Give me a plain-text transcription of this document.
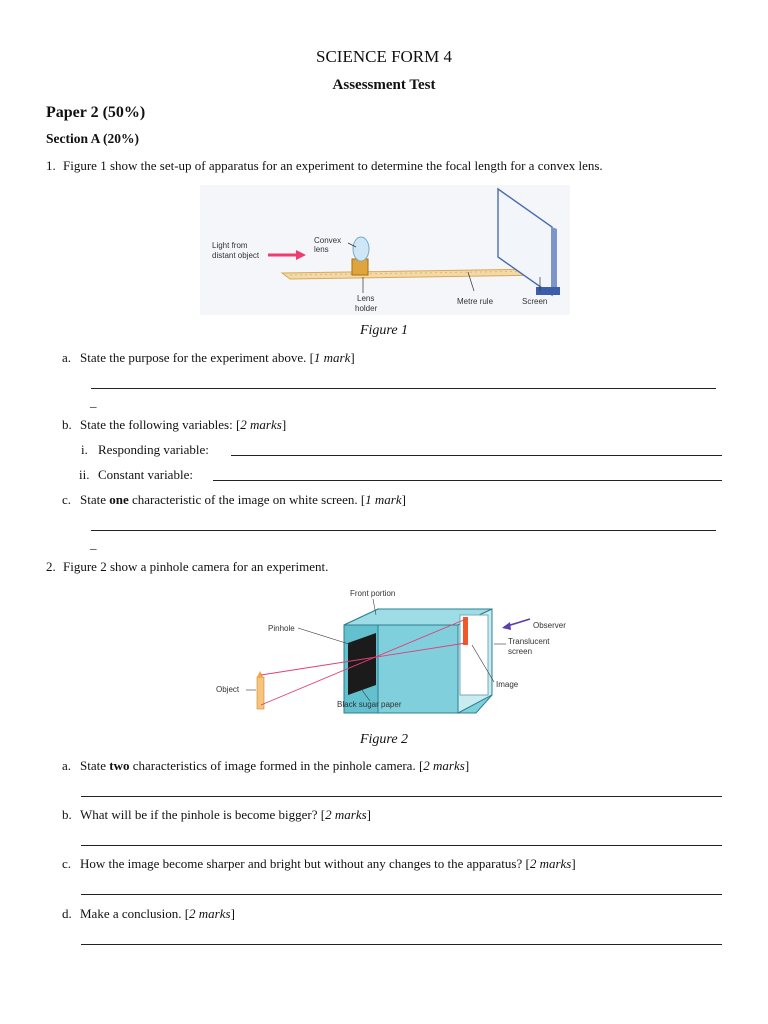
SCIENCE FORM 4
Assessment Test
Paper 2 (50%)
Section A (20%)
1. Figure 1 show the set-up of apparatus for an experiment to determine the focal length for a convex lens.
Light from
distant object
Convex
lens
Lens
holder
Metre rule	Screen
Figure 1
a. State the purpose for the experiment above. [1 mark]
_
b. State the following variables: [2 marks]
i. Responding variable:
ii. Constant variable:
c. State one characteristic of the image on white screen. [1 mark]
_
2. Figure 2 show a pinhole camera for an experiment.
Front portion
Pinhole	Observer
Translucent
screen
Object
Image
Black sugar paper
Figure 2
a. State two characteristics of image formed in the pinhole camera. [2 marks]
b. What will be if the pinhole is become bigger? [2 marks]
c. How the image become sharper and bright but without any changes to the apparatus? [2 marks]
d. Make a conclusion. [2 marks]
